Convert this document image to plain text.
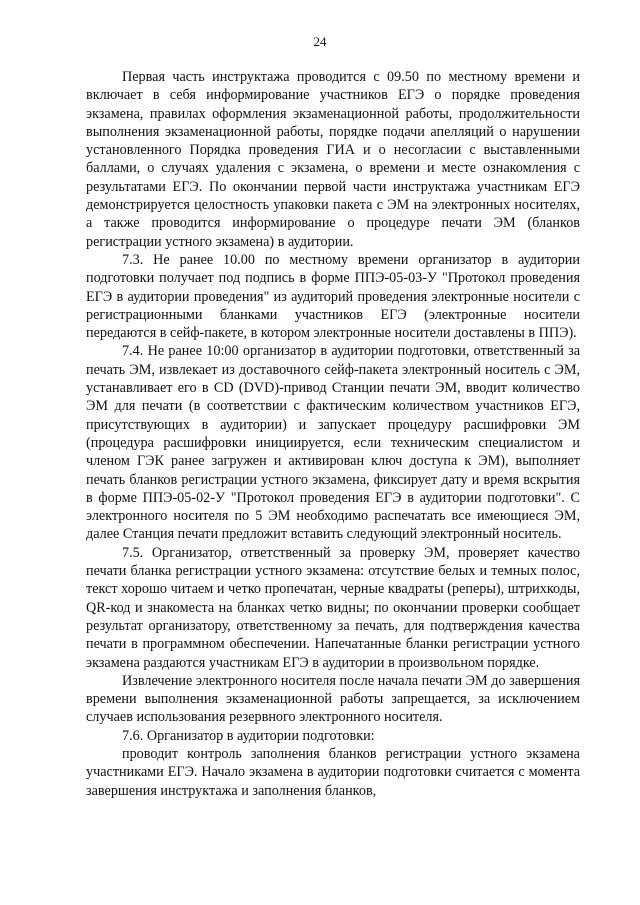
24

Первая часть инструктажа проводится с 09.50 по местному времени и включает в себя информирование участников ЕГЭ о порядке проведения экзамена, правилах оформления экзаменационной работы, продолжительности выполнения экзаменационной работы, порядке подачи апелляций о нарушении установленного Порядка проведения ГИА и о несогласии с выставленными баллами, о случаях удаления с экзамена, о времени и месте ознакомления с результатами ЕГЭ. По окончании первой части инструктажа участникам ЕГЭ демонстрируется целостность упаковки пакета с ЭМ на электронных носителях, а также проводится информирование о процедуре печати ЭМ (бланков регистрации устного экзамена) в аудитории.

7.3. Не ранее 10.00 по местному времени организатор в аудитории подготовки получает под подпись в форме ППЭ-05-03-У "Протокол проведения ЕГЭ в аудитории проведения" из аудиторий проведения электронные носители с регистрационными бланками участников ЕГЭ (электронные носители передаются в сейф-пакете, в котором электронные носители доставлены в ППЭ).

7.4. Не ранее 10:00 организатор в аудитории подготовки, ответственный за печать ЭМ, извлекает из доставочного сейф-пакета электронный носитель с ЭМ, устанавливает его в CD (DVD)-привод Станции печати ЭМ, вводит количество ЭМ для печати (в соответствии с фактическим количеством участников ЕГЭ, присутствующих в аудитории) и запускает процедуру расшифровки ЭМ (процедура расшифровки инициируется, если техническим специалистом и членом ГЭК ранее загружен и активирован ключ доступа к ЭМ), выполняет печать бланков регистрации устного экзамена, фиксирует дату и время вскрытия в форме ППЭ-05-02-У "Протокол проведения ЕГЭ в аудитории подготовки". С электронного носителя по 5 ЭМ необходимо распечатать все имеющиеся ЭМ, далее Станция печати предложит вставить следующий электронный носитель.

7.5. Организатор, ответственный за проверку ЭМ, проверяет качество печати бланка регистрации устного экзамена: отсутствие белых и темных полос, текст хорошо читаем и четко пропечатан, черные квадраты (реперы), штрихкоды, QR-код и знакоместа на бланках четко видны; по окончании проверки сообщает результат организатору, ответственному за печать, для подтверждения качества печати в программном обеспечении. Напечатанные бланки регистрации устного экзамена раздаются участникам ЕГЭ в аудитории в произвольном порядке.

Извлечение электронного носителя после начала печати ЭМ до завершения времени выполнения экзаменационной работы запрещается, за исключением случаев использования резервного электронного носителя.

7.6. Организатор в аудитории подготовки:

проводит контроль заполнения бланков регистрации устного экзамена участниками ЕГЭ. Начало экзамена в аудитории подготовки считается с момента завершения инструктажа и заполнения бланков,
